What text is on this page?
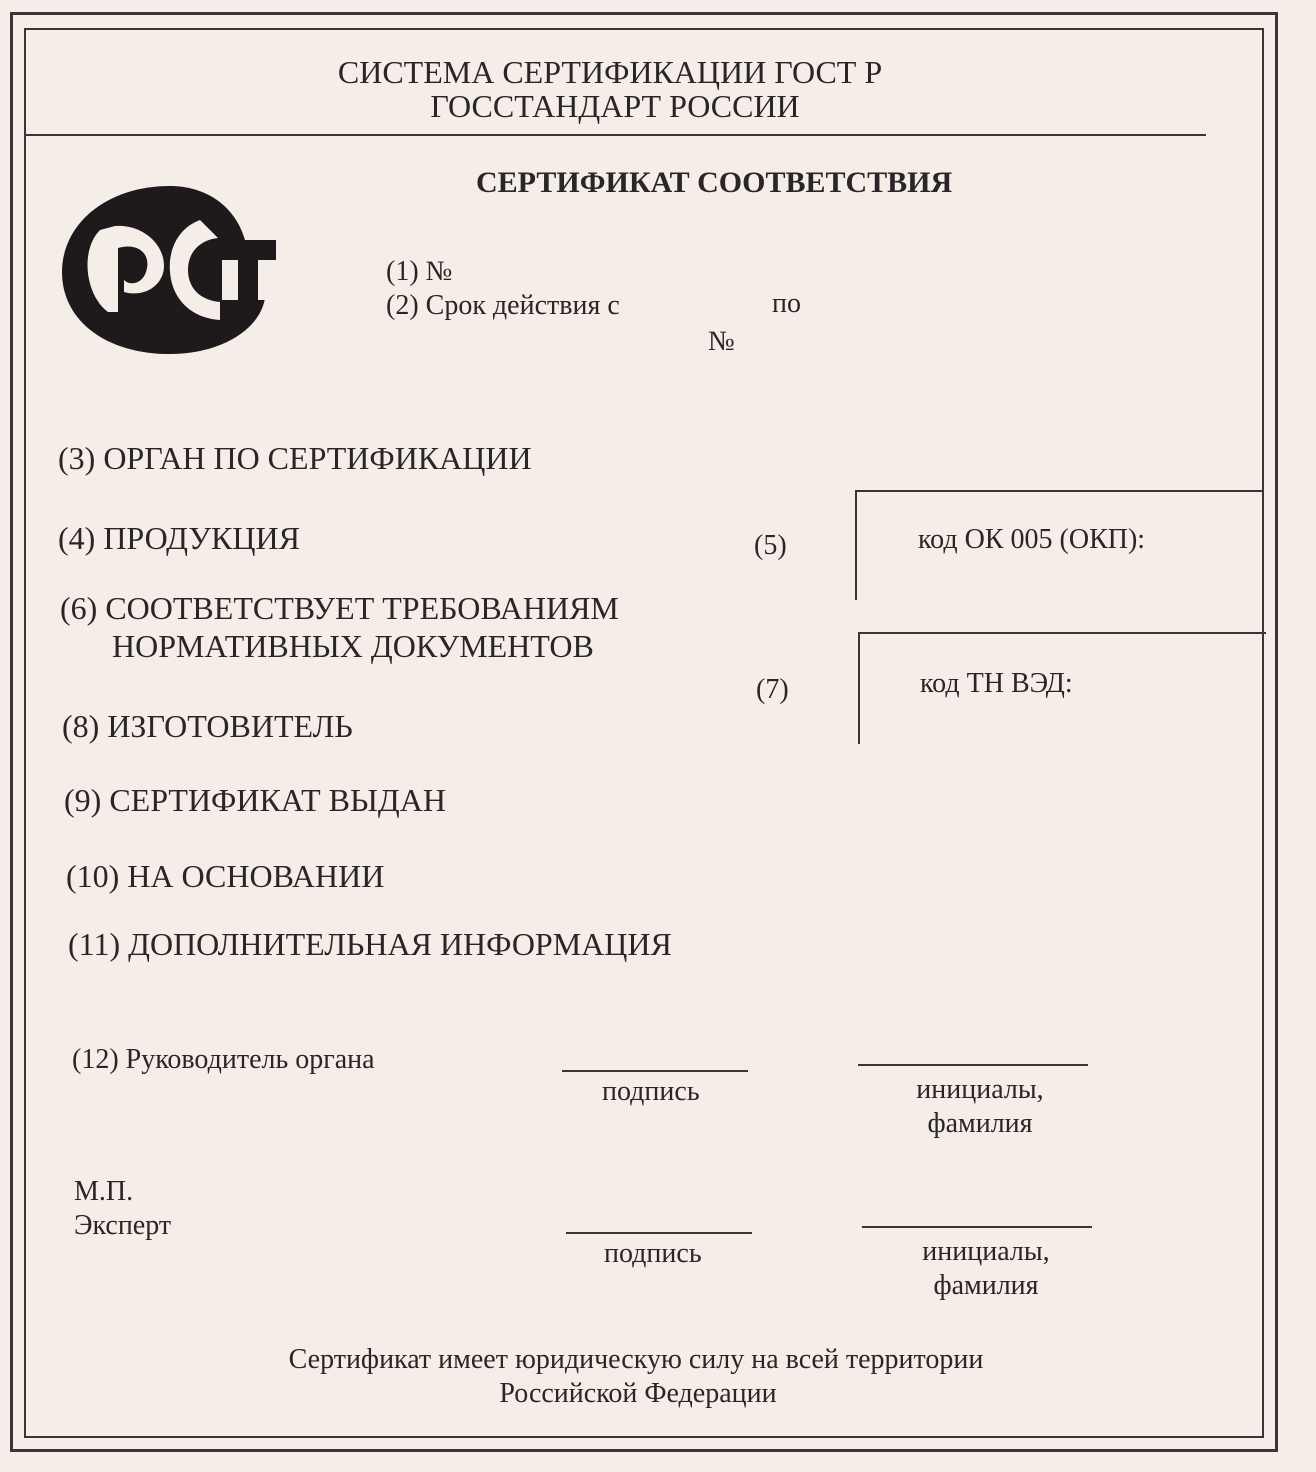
СИСТЕМА СЕРТИФИКАЦИИ ГОСТ Р
ГОССТАНДАРТ РОССИИ
СЕРТИФИКАТ СООТВЕТСТВИЯ
(1) №
(2) Срок действия с	по
№
(3) ОРГАН ПО СЕРТИФИКАЦИИ
(4) ПРОДУКЦИЯ
(6) СООТВЕТСТВУЕТ ТРЕБОВАНИЯМ
НОРМАТИВНЫХ ДОКУМЕНТОВ
(8) ИЗГОТОВИТЕЛЬ
(9) СЕРТИФИКАТ ВЫДАН
(10) НА ОСНОВАНИИ
(11) ДОПОЛНИТЕЛЬНАЯ ИНФОРМАЦИЯ
(5)	код ОК 005 (ОКП):
(7)	код ТН ВЭД:
(12) Руководитель органа
подпись	инициалы,
фамилия
М.П.
Эксперт
подпись	инициалы,
фамилия
Сертификат имеет юридическую силу на всей территории
Российской Федерации
